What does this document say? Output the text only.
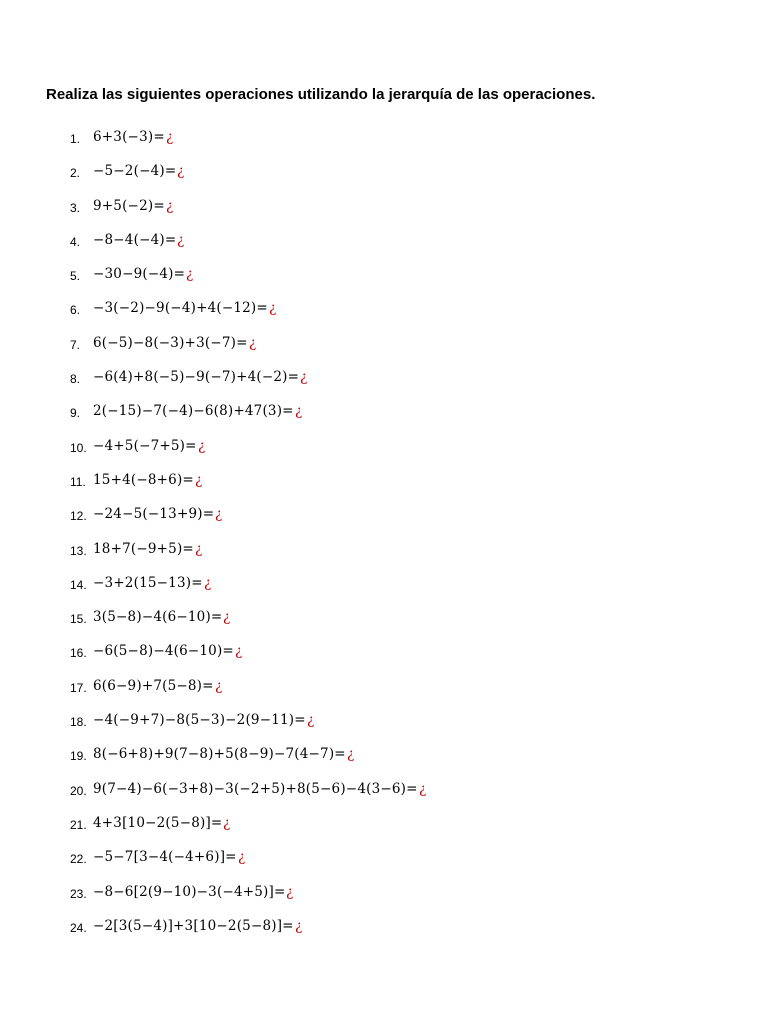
Realiza las siguientes operaciones utilizando la jerarquía de las operaciones.
1. 6+3(−3)= ¿
2. −5−2(−4)= ¿
3. 9+5(−2)= ¿
4. −8−4(−4)= ¿
5. −30−9(−4)= ¿
6. −3(−2)−9(−4)+4(−12)= ¿
7. 6(−5)−8(−3)+3(−7)= ¿
8. −6(4)+8(−5)−9(−7)+4(−2)= ¿
9. 2(−15)−7(−4)−6(8)+47(3)= ¿
10. −4+5(−7+5)= ¿
11. 15+4(−8+6)= ¿
12. −24−5(−13+9)= ¿
13. 18+7(−9+5)= ¿
14. −3+2(15−13)= ¿
15. 3(5−8)−4(6−10)= ¿
16. −6(5−8)−4(6−10)= ¿
17. 6(6−9)+7(5−8)= ¿
18. −4(−9+7)−8(5−3)−2(9−11)= ¿
19. 8(−6+8)+9(7−8)+5(8−9)−7(4−7)= ¿
20. 9(7−4)−6(−3+8)−3(−2+5)+8(5−6)−4(3−6)= ¿
21. 4+3[10−2(5−8)]= ¿
22. −5−7[3−4(−4+6)]= ¿
23. −8−6[2(9−10)−3(−4+5)]= ¿
24. −2[3(5−4)]+3[10−2(5−8)]= ¿
